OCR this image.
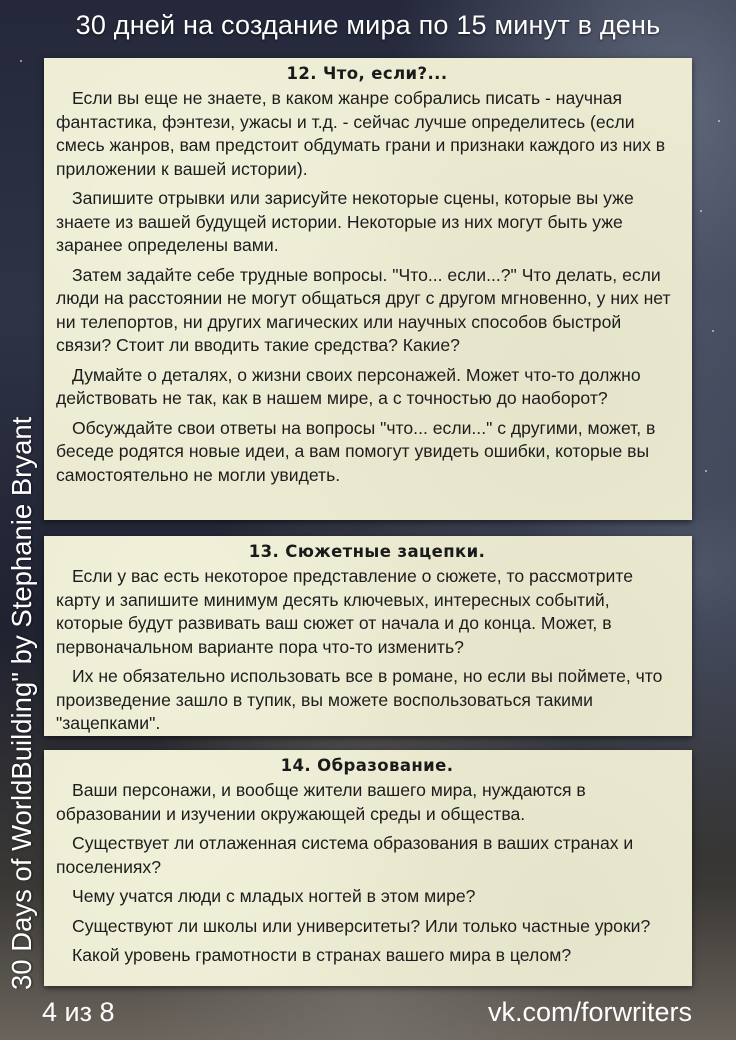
30 дней на создание мира по 15 минут в день
30 Days of WorldBuilding" by Stephanie Bryant
12. Что, если?...

Если вы еще не знаете, в каком жанре собрались писать - научная фантастика, фэнтези, ужасы и т.д. - сейчас лучше определитесь (если смесь жанров, вам предстоит обдумать грани и признаки каждого из них в приложении к вашей истории).

Запишите отрывки или зарисуйте некоторые сцены, которые вы уже знаете из вашей будущей истории. Некоторые из них могут быть уже заранее определены вами.

Затем задайте себе трудные вопросы. "Что... если...?" Что делать, если люди на расстоянии не могут общаться друг с другом мгновенно, у них нет ни телепортов, ни других магических или научных способов быстрой связи? Стоит ли вводить такие средства? Какие?

Думайте о деталях, о жизни своих персонажей. Может что-то должно действовать не так, как в нашем мире, а с точностью до наоборот?

Обсуждайте свои ответы на вопросы "что... если..." с другими, может, в беседе родятся новые идеи, а вам помогут увидеть ошибки, которые вы самостоятельно не могли увидеть.

13. Сюжетные зацепки.

Если у вас есть некоторое представление о сюжете, то рассмотрите карту и запишите минимум десять ключевых, интересных событий, которые будут развивать ваш сюжет от начала и до конца. Может, в первоначальном варианте пора что-то изменить?

Их не обязательно использовать все в романе, но если вы поймете, что произведение зашло в тупик, вы можете воспользоваться такими "зацепками".

14. Образование.

Ваши персонажи, и вообще жители вашего мира, нуждаются в образовании и изучении окружающей среды и общества.

Существует ли отлаженная система образования в ваших странах и поселениях?

Чему учатся люди с младых ногтей в этом мире?

Существуют ли школы или университеты? Или только частные уроки?

Какой уровень грамотности в странах вашего мира в целом?

4 из 8	vk.com/forwriters
